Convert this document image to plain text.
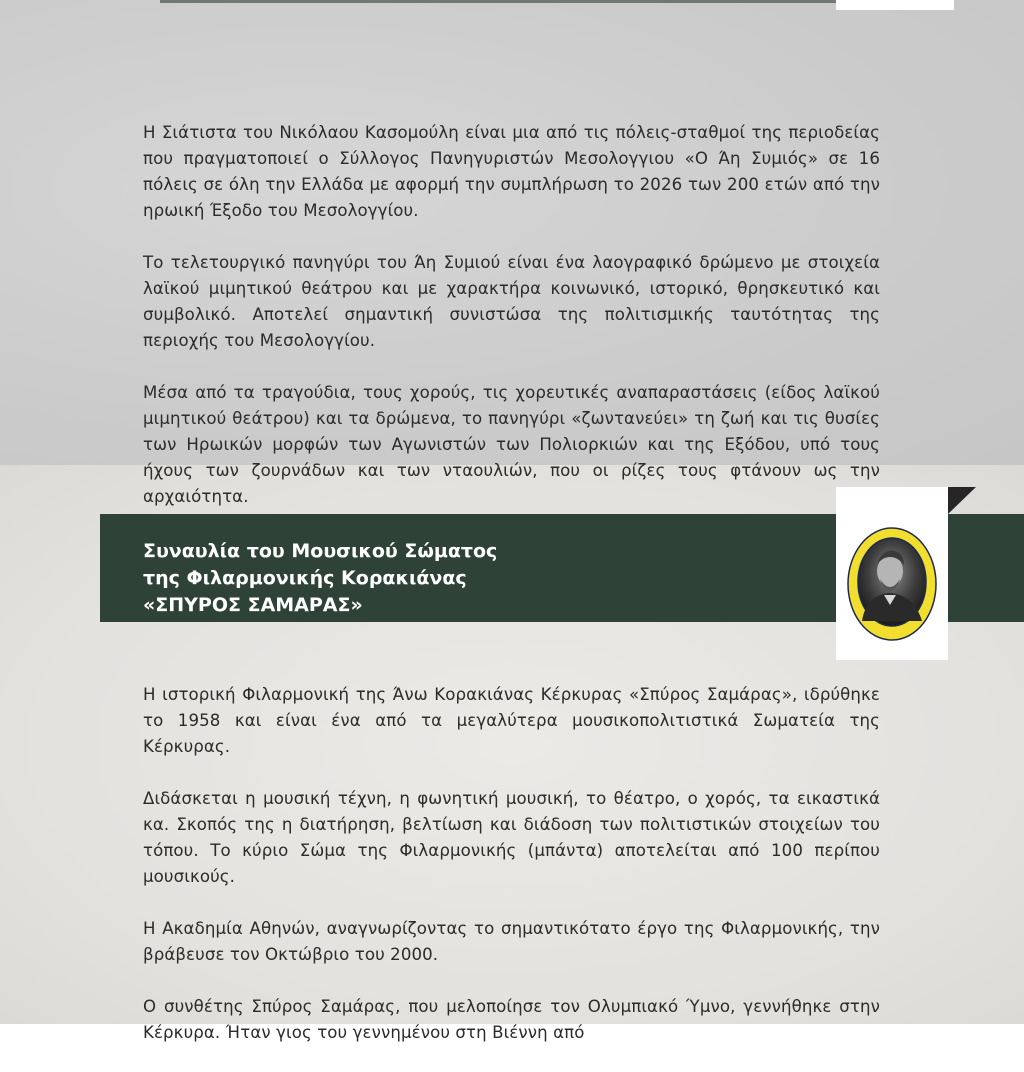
Η Σιάτιστα του Νικόλαου Κασομούλη είναι μια από τις πόλεις-σταθμοί της περιοδείας που πραγματοποιεί ο Σύλλογος Πανηγυριστών Μεσολογγιου «Ο Άη Συμιός» σε 16 πόλεις σε όλη την Ελλάδα με αφορμή την συμπλήρωση το 2026 των 200 ετών από την ηρωική Έξοδο του Μεσολογγίου.

Το τελετουργικό πανηγύρι του Άη Συμιού είναι ένα λαογραφικό δρώμενο με στοιχεία λαϊκού μιμητικού θεάτρου και με χαρακτήρα κοινωνικό, ιστορικό, θρησκευτικό και συμβολικό. Αποτελεί σημαντική συνιστώσα της πολιτισμικής ταυτότητας της περιοχής του Μεσολογγίου.

Μέσα από τα τραγούδια, τους χορούς, τις χορευτικές αναπαραστάσεις (είδος λαϊκού μιμητικού θεάτρου) και τα δρώμενα, το πανηγύρι «ζωντανεύει» τη ζωή και τις θυσίες των Ηρωικών μορφών των Αγωνιστών των Πολιορκιών και της Εξόδου, υπό τους ήχους των ζουρνάδων και των νταουλιών, που οι ρίζες τους φτάνουν ως την αρχαιότητα.

Συναυλία του Μουσικού Σώματος
της Φιλαρμονικής Κορακιάνας
«ΣΠΥΡΟΣ ΣΑΜΑΡΑΣ»

Η ιστορική Φιλαρμονική της Άνω Κορακιάνας Κέρκυρας «Σπύρος Σαμάρας», ιδρύθηκε το 1958 και είναι ένα από τα μεγαλύτερα μουσικοπολιτιστικά Σωματεία της Κέρκυρας.

Διδάσκεται η μουσική τέχνη, η φωνητική μουσική, το θέατρο, ο χορός, τα εικαστικά κα. Σκοπός της η διατήρηση, βελτίωση και διάδοση των πολιτιστικών στοιχείων του τόπου. Το κύριο Σώμα της Φιλαρμονικής (μπάντα) αποτελείται από 100 περίπου μουσικούς.

Η Ακαδημία Αθηνών, αναγνωρίζοντας το σημαντικότατο έργο της Φιλαρμονικής, την βράβευσε τον Οκτώβριο του 2000.

Ο συνθέτης Σπύρος Σαμάρας, που μελοποίησε τον Ολυμπιακό Ύμνο, γεννήθηκε στην Κέρκυρα. Ήταν γιος του γεννημένου στη Βιέννη από
